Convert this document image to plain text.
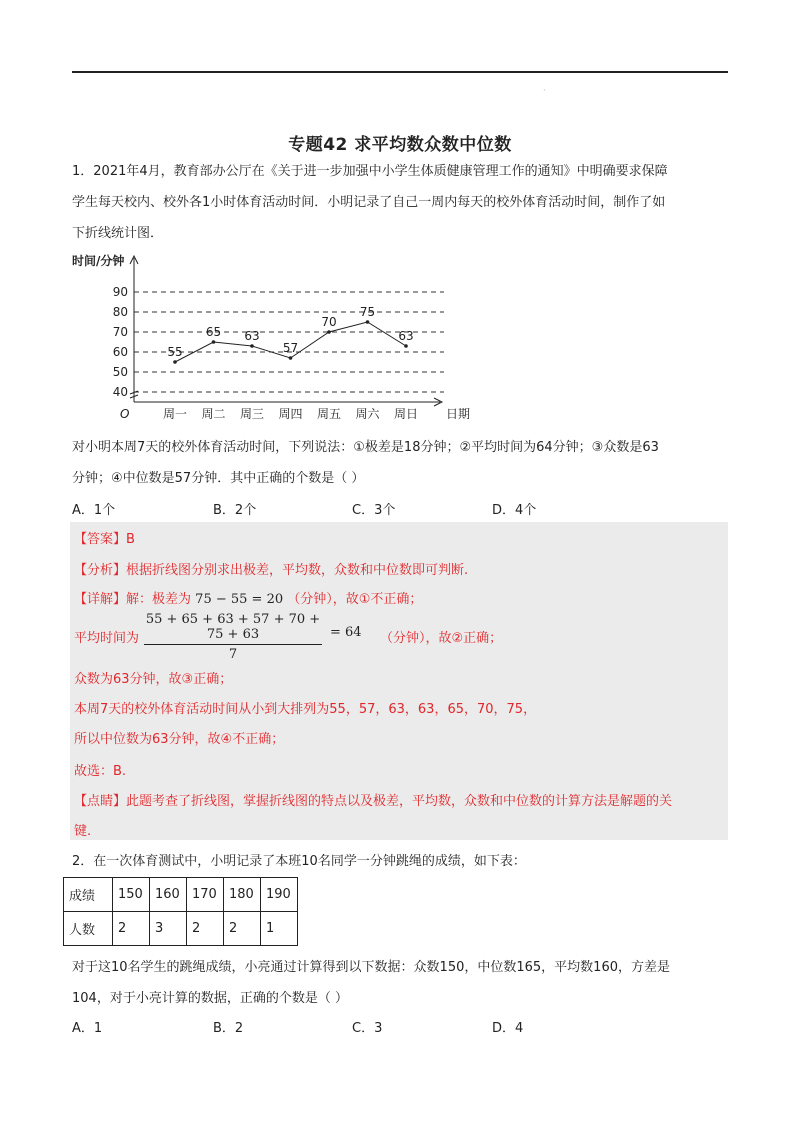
·
专题42 求平均数众数中位数
1．2021年4月，教育部办公厅在《关于进一步加强中小学生体质健康管理工作的通知》中明确要求保障
学生每天校内、校外各1小时体育活动时间．小明记录了自己一周内每天的校外体育活动时间，制作了如
下折线统计图．
40
50
60
70
80
90
时间/分钟
O	日期
周一 周二 周三 周四 周五 周六 周日
55
65 63
57
70
75
63
对小明本周7天的校外体育活动时间，下列说法：①极差是18分钟；②平均时间为64分钟；③众数是63
分钟；④中位数是57分钟．其中正确的个数是（ ）
A．1个	B．2个	C．3个	D．4个
【答案】B
【分析】根据折线图分别求出极差，平均数，众数和中位数即可判断.
【详解】解：极差为 75 − 55 = 20 （分钟），故①不正确；
平均时间为 $\frac{55 + 65 + 63 + 57 + 70 + 75 + 63}{7} = 64$ （分钟），故②正确；
众数为63分钟，故③正确；
本周7天的校外体育活动时间从小到大排列为55，57，63，63，65，70，75，
所以中位数为63分钟，故④不正确；
故选：B.
【点睛】此题考查了折线图，掌握折线图的特点以及极差，平均数，众数和中位数的计算方法是解题的关
键.
2．在一次体育测试中，小明记录了本班10名同学一分钟跳绳的成绩，如下表：
成绩	150	160	170	180	190
人数	2	3	2	2	1
对于这10名学生的跳绳成绩，小亮通过计算得到以下数据：众数150，中位数165，平均数160，方差是
104，对于小亮计算的数据，正确的个数是（ ）
A．1	B．2	C．3	D．4
